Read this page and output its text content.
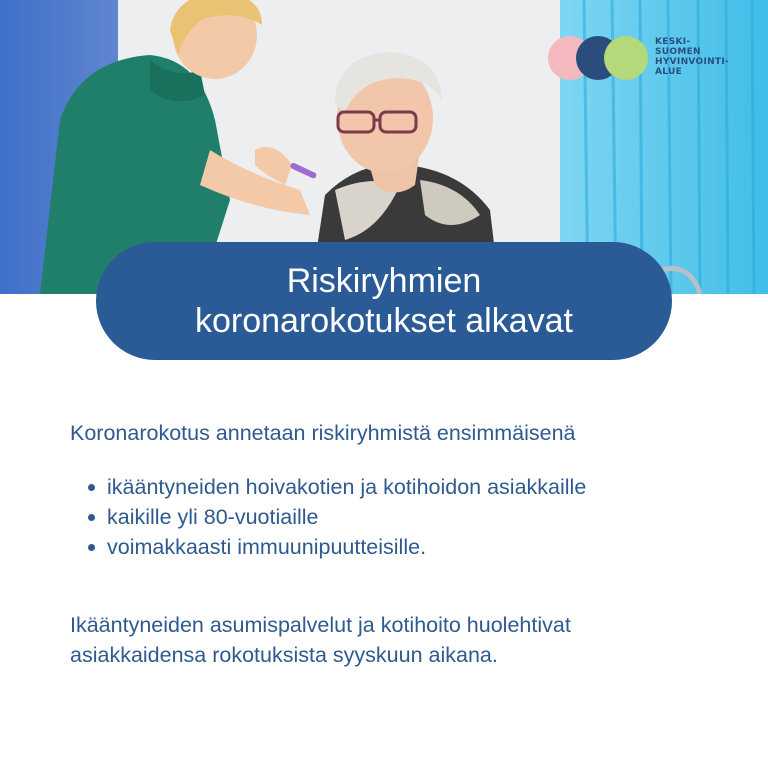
KESKI-
SUOMEN
HYVINVOINTI-
ALUE
Riskiryhmien
koronarokotukset alkavat

Koronarokotus annetaan riskiryhmistä ensimmäisenä

ikääntyneiden hoivakotien ja kotihoidon asiakkaille
kaikille yli 80-vuotiaille
voimakkaasti immuunipuutteisille.

Ikääntyneiden asumispalvelut ja kotihoito huolehtivat
asiakkaidensa rokotuksista syyskuun aikana.
